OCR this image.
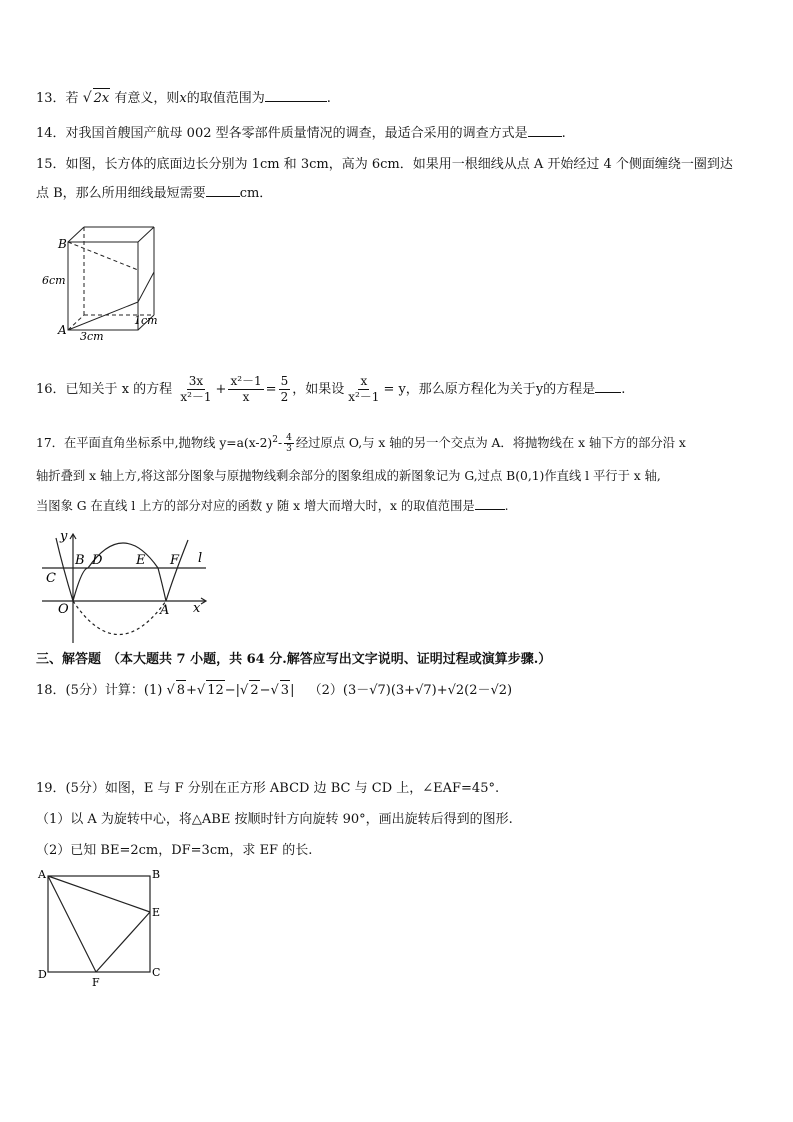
13．若 √ 2x 有意义，则x的取值范围为	.
14．对我国首艘国产航母 002 型各零部件质量情况的调查，最适合采用的调查方式是	.
15．如图，长方体的底面边长分别为 1cm 和 3cm，高为 6cm．如果用一根细线从点 A 开始经过 4 个侧面缠绕一圈到达
点 B，那么所用细线最短需要	cm．
B
A
6cm
3cm
1cm
16．已知关于 x 的方程 $\frac{3x}{\text{x²－1}} + \frac{\text{x²－1}}{x} = \frac{5}{2}$ ，如果设 $\frac{x}{\text{x²－1}} = y$，那么原方程化为关于y的方程是 .
17．在平面直角坐标系中,抛物线 $y=a(x-2)^2- \frac{4}{3}$ 经过原点 O,与 x 轴的另一个交点为 A．将抛物线在 x 轴下方的部分沿 x
轴折叠到 x 轴上方,将这部分图象与原抛物线剩余部分的图象组成的新图象记为 G,过点 B(0,1)作直线 l 平行于 x 轴,
当图象 G 在直线 l 上方的部分对应的函数 y 随 x 增大而增大时，x 的取值范围是 .
y
x
O	A
B D	E F
C
l
三、解答题 （本大题共 7 小题，共 64 分.解答应写出文字说明、证明过程或演算步骤.）
18．(5分）计算：(1) √ 8+√ 12−|√ 2−√ 3| （2）(3－√7)(3+√7)+√2(2－√2)
19．(5分）如图，E 与 F 分别在正方形 ABCD 边 BC 与 CD 上，∠EAF=45°.
（1）以 A 为旋转中心，将△ABE 按顺时针方向旋转 90°，画出旋转后得到的图形.
（2）已知 BE=2cm，DF=3cm，求 EF 的长.
A	B
C
D
E
F
